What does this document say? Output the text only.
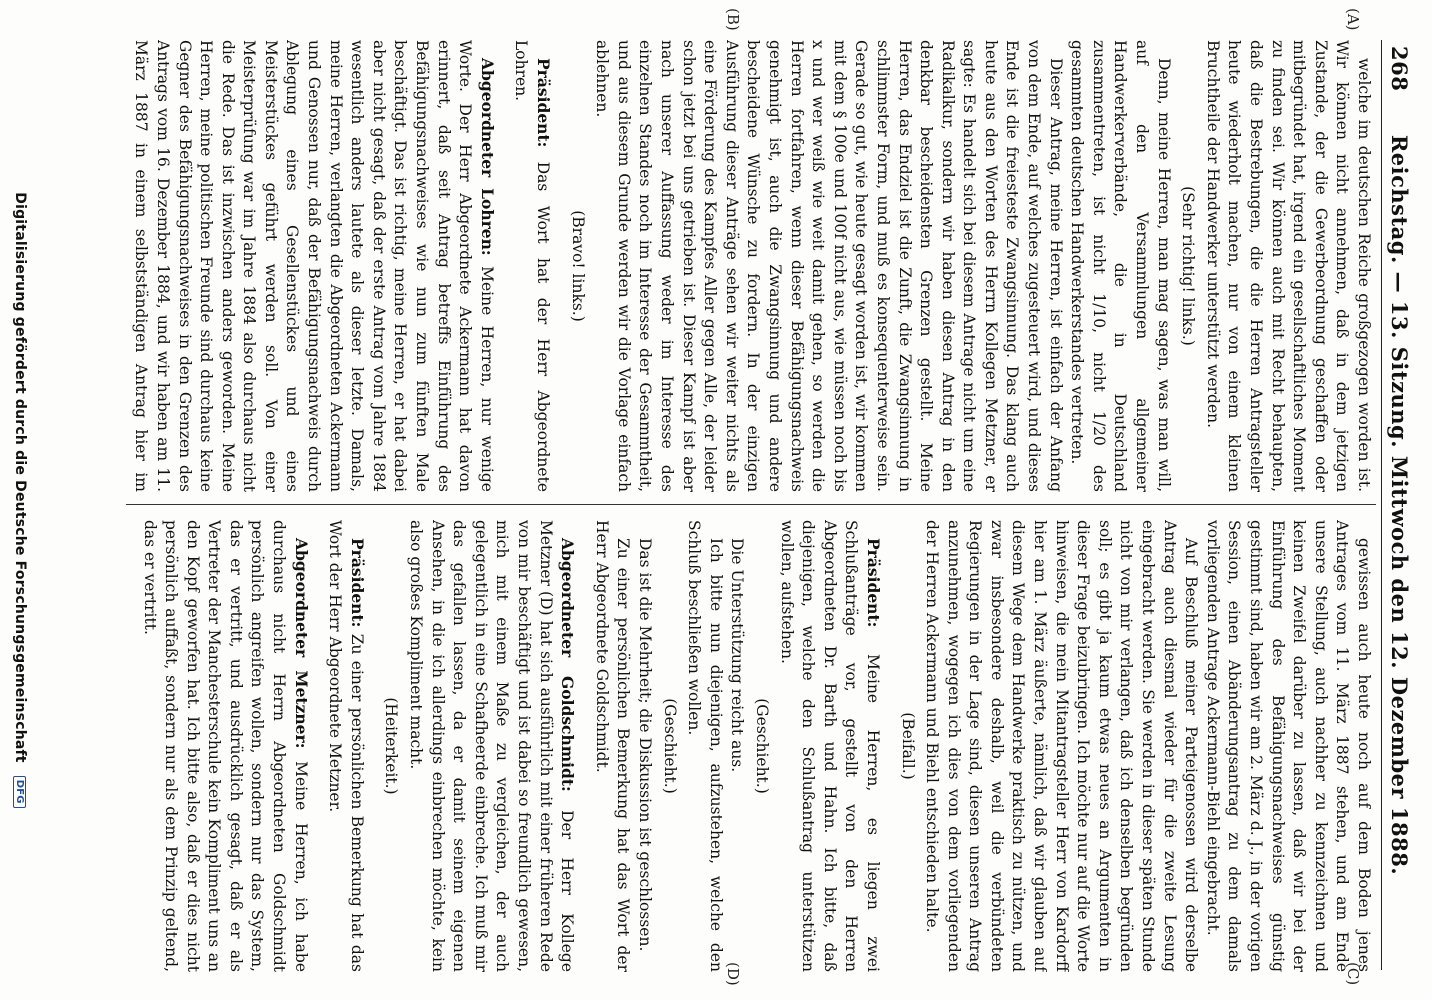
268
Reichstag. — 13. Sitzung. Mittwoch den 12. Dezember 1888.
(A)
(B)
(C)
(D)

welche im deutschen Reiche großgezogen worden ist. Wir können nicht annehmen, daß in dem jetzigen Zustande, der die Gewerbeordnung geschaffen oder mitbegründet hat, irgend ein gesellschaftliches Moment zu finden sei. Wir können auch mit Recht behaupten, daß die Bestrebungen, die die Herren Antragsteller heute wiederholt machen, nur von einem kleinen Bruchtheile der Handwerker unterstützt werden.

(Sehr richtig! links.)

Denn, meine Herren, man mag sagen, was man will, auf den Versammlungen allgemeiner Handwerkerverbände, die in Deutschland zusammentreten, ist nicht 1/10, nicht 1/20 des gesammten deutschen Handwerkerstandes vertreten.

Dieser Antrag, meine Herren, ist einfach der Anfang von dem Ende, auf welches zugesteuert wird, und dieses Ende ist die freiesteste Zwangsinnung. Das klang auch heute aus den Worten des Herrn Kollegen Metzner, er sagte: Es handelt sich bei diesem Antrage nicht um eine Radikalkur, sondern wir haben diesen Antrag in den denkbar bescheidensten Grenzen gestellt. Meine Herren, das Endziel ist die Zunft, die Zwangsinnung in schlimmster Form, und muß es konsequenterweise sein. Gerade so gut, wie heute gesagt worden ist, wir kommen mit dem § 100e und 100f nicht aus, wie müssen noch bis x und wer weiß wie weit damit gehen, so werden die Herren fortfahren, wenn dieser Befähigungsnachweis genehmigt ist, auch die Zwangsinnung und andere bescheidene Wünsche zu fordern. In der einzigen Ausführung dieser Anträge sehen wir weiter nichts als eine Förderung des Kampfes Aller gegen Alle, der leider schon jetzt bei uns getrieben ist. Dieser Kampf ist aber nach unserer Auffassung weder im Interesse des einzelnen Standes noch im Interesse der Gesammtheit, und aus diesem Grunde werden wir die Vorlage einfach ablehnen.

(Bravo! links.)

Präsident: Das Wort hat der Herr Abgeordnete Lohren.

Abgeordneter Lohren: Meine Herren, nur wenige Worte. Der Herr Abgeordnete Ackermann hat davon erinnert, daß seit Antrag betreffs Einführung des Befähigungsnachweises wie nun zum fünften Male beschäftigt. Das ist richtig, meine Herren, er hat dabei aber nicht gesagt, daß der erste Antrag vom Jahre 1884 wesentlich anders lautete als dieser letzte. Damals, meine Herren, verlangten die Abgeordneten Ackermann und Genossen nur, daß der Befähigungsnachweis durch Ablegung eines Gesellenstückes und eines Meisterstückes geführt werden soll. Von einer Meisterprüfung war im Jahre 1884 also durchaus nicht die Rede. Das ist inzwischen anders geworden. Meine Herren, meine politischen Freunde sind durchaus keine Gegner des Befähigungsnachweises in den Grenzen des Antrags vom 16. Dezember 1884, und wir haben am 11. März 1887 in einem selbstständigen Antrag hier im

gewissen auch heute noch auf dem Boden jenes Antrages vom 11. März 1887 stehen, und am Ende unsere Stellung, auch nachher zu kennzeichnen und keinen Zweifel darüber zu lassen, daß wir bei der Einführung des Befähigungsnachweises günstig gestimmt sind, haben wir am 2. März d. J., in der vorigen Session, einen Abänderungsantrag zu dem damals vorliegenden Antrage Ackermann-Biehl eingebracht.

Auf Beschluß meiner Parteigenossen wird derselbe Antrag auch diesmal wieder für die zweite Lesung eingebracht werden. Sie werden in dieser späten Stunde nicht von mir verlangen, daß ich denselben begründen soll; es gibt ja kaum etwas neues an Argumenten in dieser Frage beizubringen. Ich möchte nur auf die Worte hinweisen, die mein Mitantragsteller Herr von Kardorff hier am 1. März äußerte, nämlich, daß wir glauben auf diesem Wege dem Handwerke praktisch zu nützen, und zwar insbesondere deshalb, weil die verbündeten Regierungen in der Lage sind, diesen unseren Antrag anzunehmen, wogegen ich dies von dem vorliegenden der Herren Ackermann und Biehl entschieden halte.

(Beifall.)

Präsident: Meine Herren, es liegen zwei Schlußanträge vor, gestellt von den Herren Abgeordneten Dr. Barth und Hahn. Ich bitte, daß diejenigen, welche den Schlußantrag unterstützen wollen, aufstehen.

(Geschieht.)

Die Unterstützung reicht aus.

Ich bitte nun diejenigen, aufzustehen, welche den Schluß beschließen wollen.

(Geschieht.)

Das ist die Mehrheit; die Diskussion ist geschlossen.

Zu einer persönlichen Bemerkung hat das Wort der Herr Abgeordnete Goldschmidt.

Abgeordneter Goldschmidt: Der Herr Kollege Metzner (D) hat sich ausführlich mit einer früheren Rede von mir beschäftigt und ist dabei so freundlich gewesen, mich mit einem Maße zu vergleichen, der auch gelegentlich in eine Schafheerde einbreche. Ich muß mir das gefallen lassen, da er damit seinem eigenen Ansehen, in die ich allerdings einbrechen möchte, kein also großes Kompliment macht.

(Heiterkeit.)

Präsident: Zu einer persönlichen Bemerkung hat das Wort der Herr Abgeordnete Metzner.

Abgeordneter Metzner: Meine Herren, ich habe durchaus nicht Herrn Abgeordneten Goldschmidt persönlich angreifen wollen, sondern nur das System, das er vertritt, und ausdrücklich gesagt, daß er als Vertreter der Manchesterschule kein Kompliment uns an den Kopf geworfen hat. Ich bitte also, daß er dies nicht persönlich auffaßt, sondern nur als dem Prinzip geltend, das er vertritt.

Digitalisierung gefördert durch die Deutsche Forschungsgemeinschaft DFG
